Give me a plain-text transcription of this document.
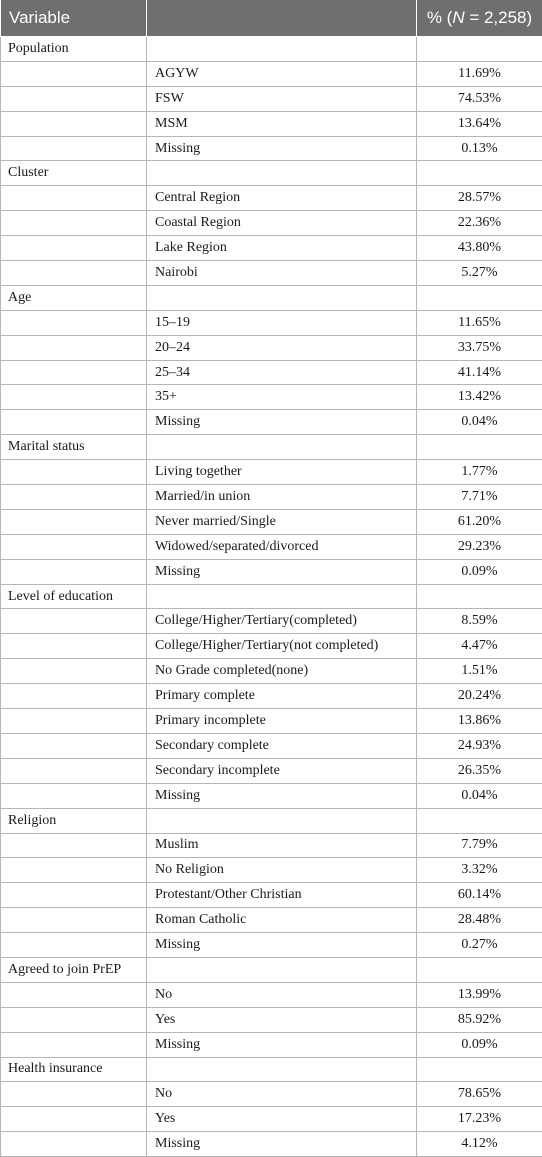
Variable		% (N = 2,258)
Population		
	AGYW	11.69%
	FSW	74.53%
	MSM	13.64%
	Missing	0.13%
Cluster		
	Central Region	28.57%
	Coastal Region	22.36%
	Lake Region	43.80%
	Nairobi	5.27%
Age		
	15–19	11.65%
	20–24	33.75%
	25–34	41.14%
	35+	13.42%
	Missing	0.04%
Marital status		
	Living together	1.77%
	Married/in union	7.71%
	Never married/Single	61.20%
	Widowed/separated/divorced	29.23%
	Missing	0.09%
Level of education		
	College/Higher/Tertiary(completed)	8.59%
	College/Higher/Tertiary(not completed)	4.47%
	No Grade completed(none)	1.51%
	Primary complete	20.24%
	Primary incomplete	13.86%
	Secondary complete	24.93%
	Secondary incomplete	26.35%
	Missing	0.04%
Religion		
	Muslim	7.79%
	No Religion	3.32%
	Protestant/Other Christian	60.14%
	Roman Catholic	28.48%
	Missing	0.27%
Agreed to join PrEP		
	No	13.99%
	Yes	85.92%
	Missing	0.09%
Health insurance		
	No	78.65%
	Yes	17.23%
	Missing	4.12%
